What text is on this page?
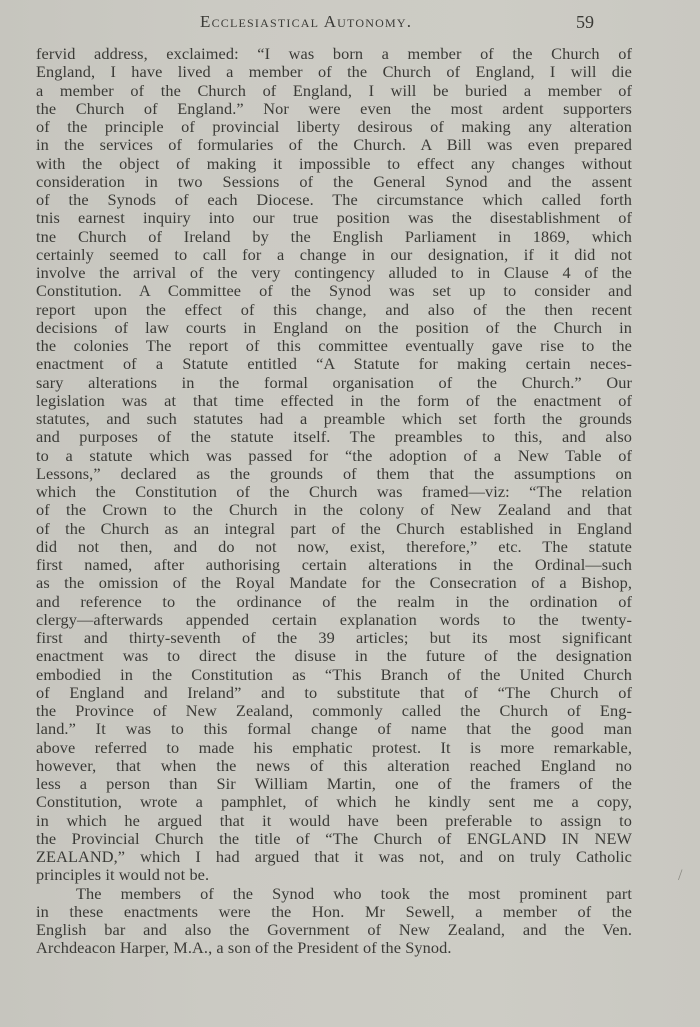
Ecclesiastical Autonomy.	59
fervid address, exclaimed: “I was born a member of the Church of
England, I have lived a member of the Church of England, I will die
a member of the Church of England, I will be buried a member of
the Church of England.” Nor were even the most ardent supporters
of the principle of provincial liberty desirous of making any alteration
in the services of formularies of the Church. A Bill was even prepared
with the object of making it impossible to effect any changes without
consideration in two Sessions of the General Synod and the assent
of the Synods of each Diocese. The circumstance which called forth
tnis earnest inquiry into our true position was the disestablishment of
tne Church of Ireland by the English Parliament in 1869, which
certainly seemed to call for a change in our designation, if it did not
involve the arrival of the very contingency alluded to in Clause 4 of the
Constitution. A Committee of the Synod was set up to consider and
report upon the effect of this change, and also of the then recent
decisions of law courts in England on the position of the Church in
the colonies The report of this committee eventually gave rise to the
enactment of a Statute entitled “A Statute for making certain neces-
sary alterations in the formal organisation of the Church.” Our
legislation was at that time effected in the form of the enactment of
statutes, and such statutes had a preamble which set forth the grounds
and purposes of the statute itself. The preambles to this, and also
to a statute which was passed for “the adoption of a New Table of
Lessons,” declared as the grounds of them that the assumptions on
which the Constitution of the Church was framed—viz: “The relation
of the Crown to the Church in the colony of New Zealand and that
of the Church as an integral part of the Church established in England
did not then, and do not now, exist, therefore,” etc. The statute
first named, after authorising certain alterations in the Ordinal—such
as the omission of the Royal Mandate for the Consecration of a Bishop,
and reference to the ordinance of the realm in the ordination of
clergy—afterwards appended certain explanation words to the twenty-
first and thirty-seventh of the 39 articles; but its most significant
enactment was to direct the disuse in the future of the designation
embodied in the Constitution as “This Branch of the United Church
of England and Ireland” and to substitute that of “The Church of
the Province of New Zealand, commonly called the Church of Eng-
land.” It was to this formal change of name that the good man
above referred to made his emphatic protest. It is more remarkable,
however, that when the news of this alteration reached England no
less a person than Sir William Martin, one of the framers of the
Constitution, wrote a pamphlet, of which he kindly sent me a copy,
in which he argued that it would have been preferable to assign to
the Provincial Church the title of “The Church of ENGLAND IN NEW
ZEALAND,” which I had argued that it was not, and on truly Catholic
principles it would not be.
The members of the Synod who took the most prominent part
in these enactments were the Hon. Mr Sewell, a member of the
English bar and also the Government of New Zealand, and the Ven.
Archdeacon Harper, M.A., a son of the President of the Synod.
/
